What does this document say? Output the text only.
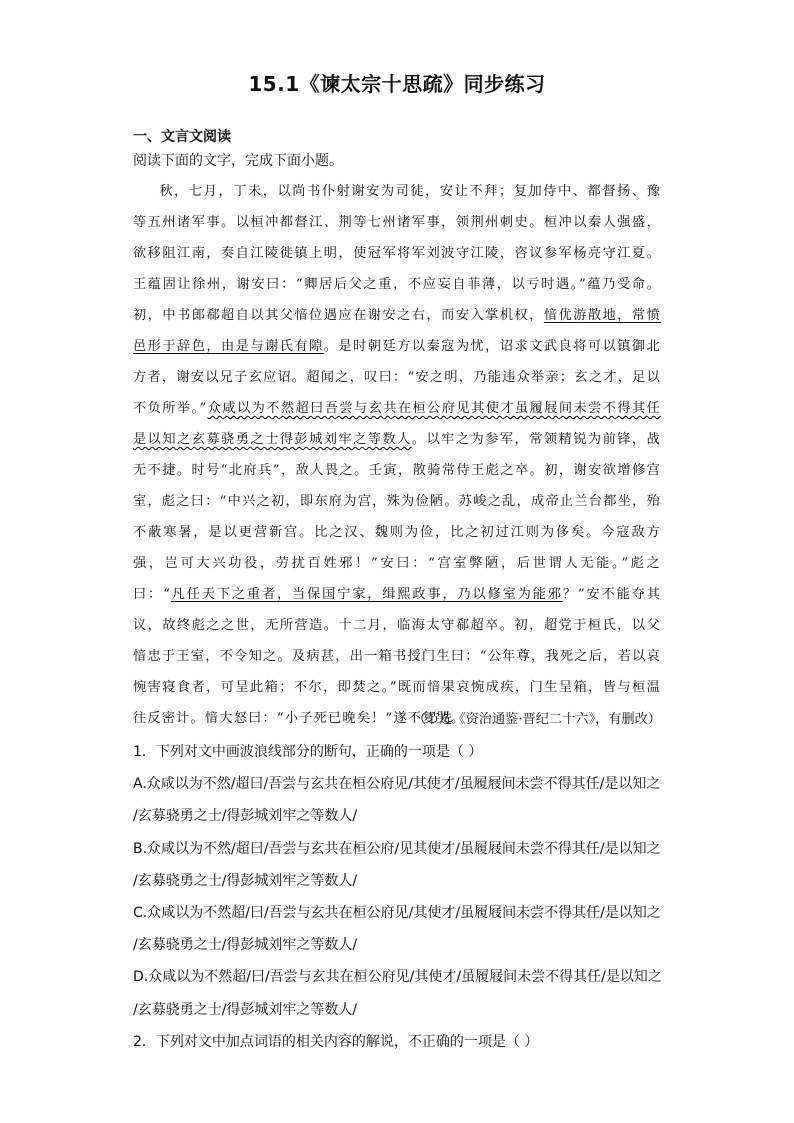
15.1《谏太宗十思疏》同步练习
一、文言文阅读
阅读下面的文字，完成下面小题。

秋，七月，丁未，以尚书仆射谢安为司徒，安让不拜；复加侍中、都督扬、豫等五州诸军事。以桓冲都督江、荆等七州诸军事，领荆州刺史。桓冲以秦人强盛，欲移阻江南，奏自江陵徙镇上明，使冠军将军刘波守江陵，咨议参军杨亮守江夏。王蕴固让徐州，谢安曰：“卿居后父之重，不应妄自菲薄，以亏时遇。”蕴乃受命。初，中书郎郗超自以其父愔位遇应在谢安之右，而安入掌机权，愔优游散地，常愤邑形于辞色，由是与谢氏有隙。是时朝廷方以秦寇为忧，诏求文武良将可以镇御北方者，谢安以兄子玄应诏。超闻之，叹曰：“安之明，乃能违众举亲；玄之才，足以不负所举。”众咸以为不然超曰吾尝与玄共在桓公府见其使才虽履屐间未尝不得其任是以知之玄募骁勇之士得彭城刘牢之等数人。以牢之为参军，常领精锐为前锋，战无不捷。时号“北府兵”，敌人畏之。壬寅，散骑常侍王彪之卒。初，谢安欲增修宫室，彪之曰：“中兴之初，即东府为宫，殊为俭陋。苏峻之乱，成帝止兰台都坐，殆不蔽寒暑，是以更营新宫。比之汉、魏则为俭，比之初过江则为侈矣。今寇敌方强，岂可大兴功役，劳扰百姓邪！”安曰：“宫室弊陋，后世谓人无能。”彪之曰：“凡任天下之重者，当保国宁家，缉熙政事，乃以修室为能邪？”安不能夺其议，故终彪之之世，无所营造。十二月，临海太守郗超卒。初，超党于桓氏，以父愔忠于王室，不令知之。及病甚，出一箱书授门生曰：“公年尊，我死之后，若以哀惋害寝食者，可呈此箱；不尔，即焚之。”既而愔果哀惋成疾，门生呈箱，皆与桓温往反密计。愔大怒曰：“小子死已晚矣！”遂不复哭。

（节选《资治通鉴·晋纪二十六》，有删改）

1．下列对文中画波浪线部分的断句，正确的一项是（ ）

A.众咸以为不然/超曰/吾尝与玄共在桓公府见/其使才/虽履屐间未尝不得其任/是以知之

/玄募骁勇之士/得彭城刘牢之等数人/

B.众咸以为不然/超曰/吾尝与玄共在桓公府/见其使才/虽履屐间未尝不得其任/是以知之

/玄募骁勇之士/得彭城刘牢之等数人/

C.众咸以为不然超/曰/吾尝与玄共在桓公府见/其使才/虽履屐间未尝不得其任/是以知之

/玄募骁勇之士/得彭城刘牢之等数人/

D.众咸以为不然超/曰/吾尝与玄共在桓公府见/其使才/虽履屐间未尝不得其任/是以知之

/玄募骁勇之士/得彭城刘牢之等数人/

2．下列对文中加点词语的相关内容的解说，不正确的一项是（ ）
